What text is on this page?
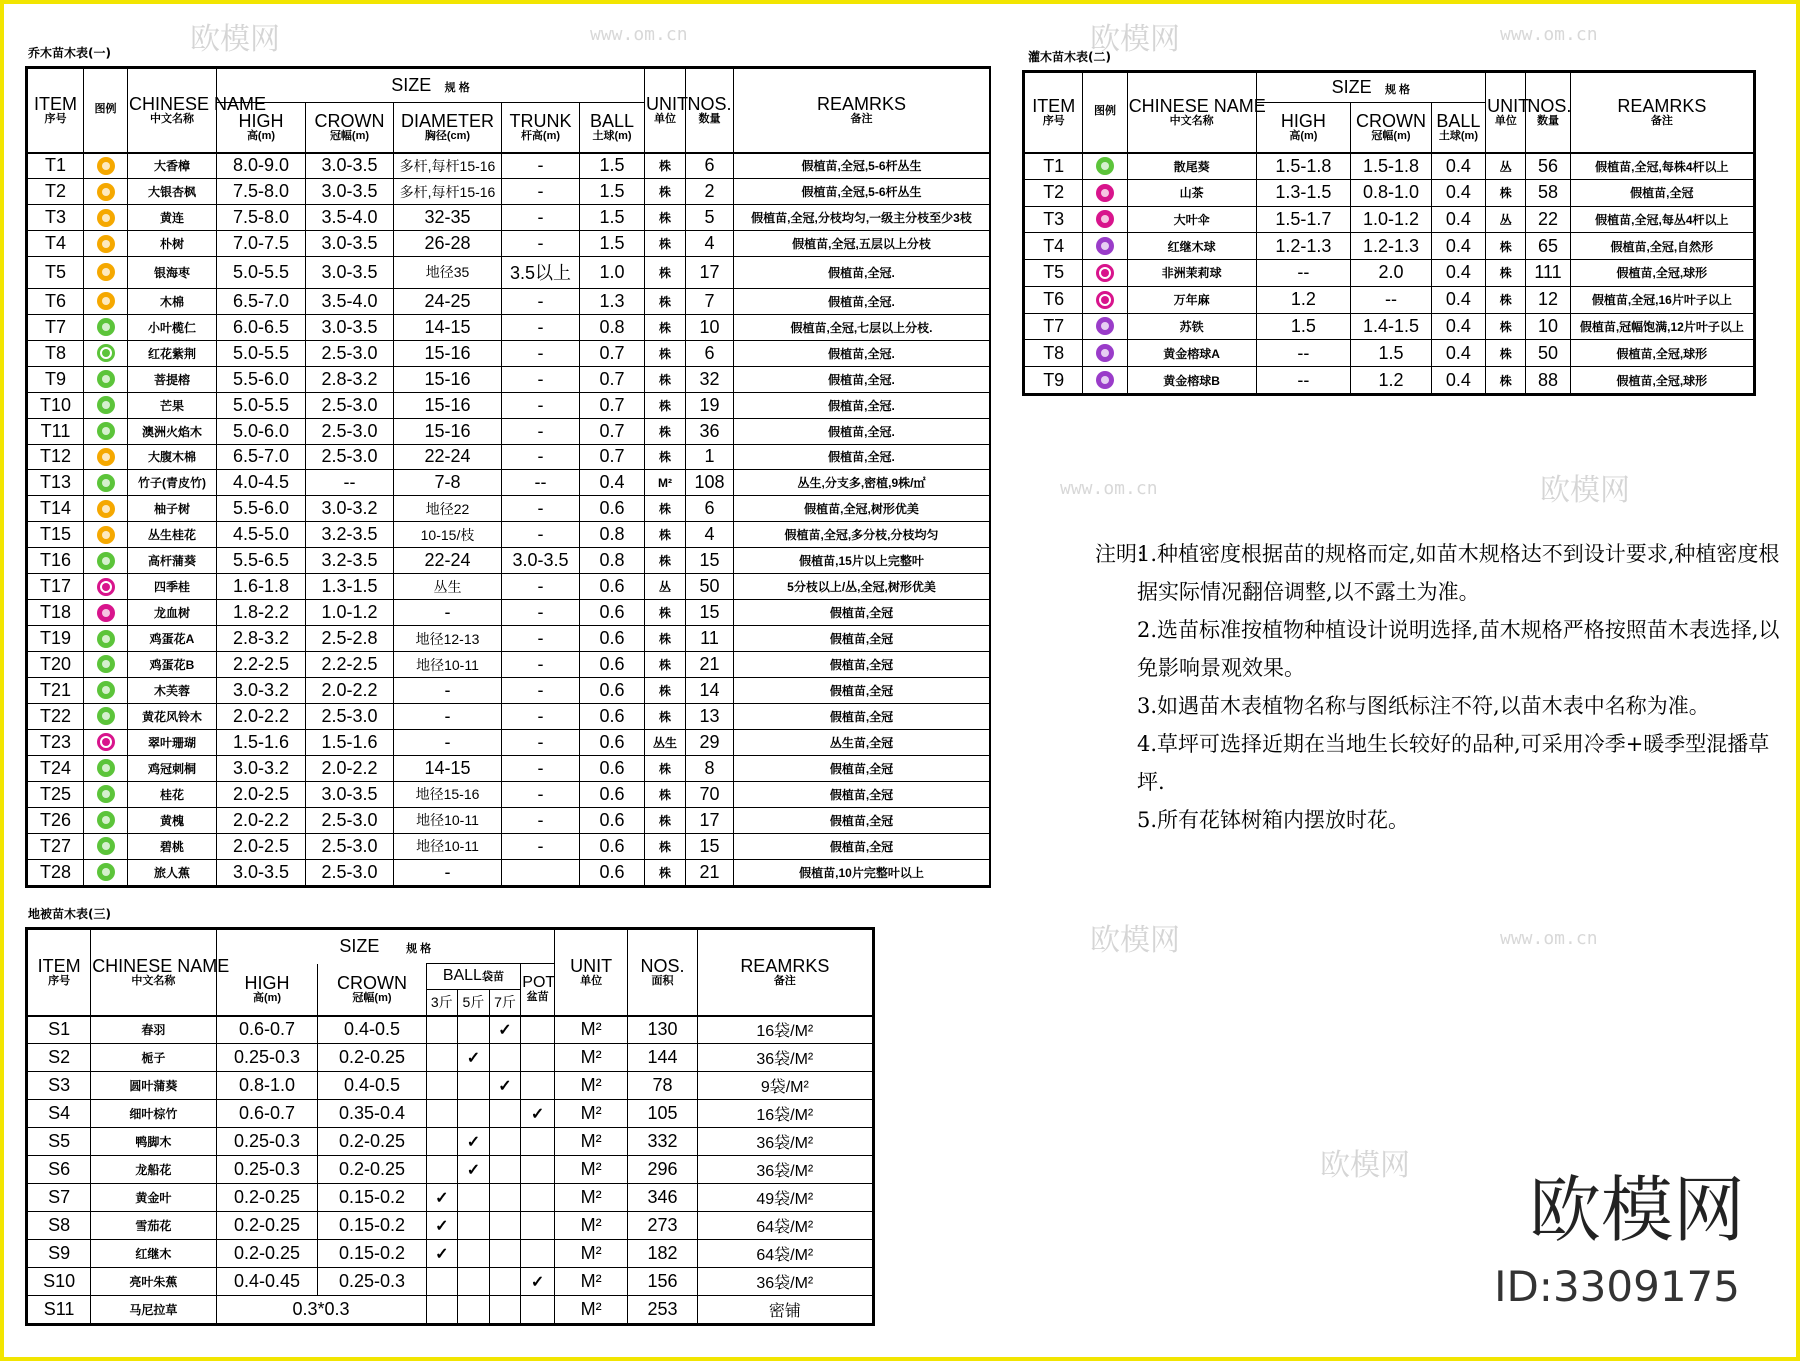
欧模网	www.om.cn	欧模网	www.om.cn
欧模网
www.om.cn
欧模网	www.om.cn
欧模网
乔木苗木表(一)
ITEM
序号	图例	CHINESE NAME
中文名称	SIZE 规 格					UNIT
单位	NOS.
数量	REAMRKS
备注

			HIGH
高(m)	CROWN
冠幅(m)	DIAMETER
胸径(cm)	TRUNK
杆高(m)	BALL
土球(m)			

T1		大香樟	8.0-9.0	3.0-3.5	多杆,每杆15-16	-	1.5	株	6	假植苗,全冠,5-6杆丛生
T2		大银杏枫	7.5-8.0	3.0-3.5	多杆,每杆15-16	-	1.5	株	2	假植苗,全冠,5-6杆丛生
T3		黄连	7.5-8.0	3.5-4.0	32-35	-	1.5	株	5	假植苗,全冠,分枝均匀,一级主分枝至少3枝
T4		朴树	7.0-7.5	3.0-3.5	26-28	-	1.5	株	4	假植苗,全冠,五层以上分枝
T5		银海枣	5.0-5.5	3.0-3.5	地径35	3.5以上	1.0	株	17	假植苗,全冠.
T6		木棉	6.5-7.0	3.5-4.0	24-25	-	1.3	株	7	假植苗,全冠.
T7		小叶榄仁	6.0-6.5	3.0-3.5	14-15	-	0.8	株	10	假植苗,全冠,七层以上分枝.
T8		红花紫荆	5.0-5.5	2.5-3.0	15-16	-	0.7	株	6	假植苗,全冠.
T9		菩提榕	5.5-6.0	2.8-3.2	15-16	-	0.7	株	32	假植苗,全冠.
T10		芒果	5.0-5.5	2.5-3.0	15-16	-	0.7	株	19	假植苗,全冠.
T11		澳洲火焰木	5.0-6.0	2.5-3.0	15-16	-	0.7	株	36	假植苗,全冠.
T12		大腹木棉	6.5-7.0	2.5-3.0	22-24	-	0.7	株	1	假植苗,全冠.
T13		竹子(青皮竹)	4.0-4.5	--	7-8	--	0.4	M²	108	丛生,分支多,密植,9株/㎡
T14		柚子树	5.5-6.0	3.0-3.2	地径22	-	0.6	株	6	假植苗,全冠,树形优美
T15		丛生桂花	4.5-5.0	3.2-3.5	10-15/枝	-	0.8	株	4	假植苗,全冠,多分枝,分枝均匀
T16		高杆蒲葵	5.5-6.5	3.2-3.5	22-24	3.0-3.5	0.8	株	15	假植苗,15片以上完整叶
T17		四季桂	1.6-1.8	1.3-1.5	丛生	-	0.6	丛	50	5分枝以上/丛,全冠,树形优美
T18		龙血树	1.8-2.2	1.0-1.2	-	-	0.6	株	15	假植苗,全冠
T19		鸡蛋花A	2.8-3.2	2.5-2.8	地径12-13	-	0.6	株	11	假植苗,全冠
T20		鸡蛋花B	2.2-2.5	2.2-2.5	地径10-11	-	0.6	株	21	假植苗,全冠
T21		木芙蓉	3.0-3.2	2.0-2.2	-	-	0.6	株	14	假植苗,全冠
T22		黄花风铃木	2.0-2.2	2.5-3.0	-	-	0.6	株	13	假植苗,全冠
T23		翠叶珊瑚	1.5-1.6	1.5-1.6	-	-	0.6	丛生	29	丛生苗,全冠
T24		鸡冠刺桐	3.0-3.2	2.0-2.2	14-15	-	0.6	株	8	假植苗,全冠
T25		桂花	2.0-2.5	3.0-3.5	地径15-16	-	0.6	株	70	假植苗,全冠
T26		黄槐	2.0-2.2	2.5-3.0	地径10-11	-	0.6	株	17	假植苗,全冠
T27		碧桃	2.0-2.5	2.5-3.0	地径10-11	-	0.6	株	15	假植苗,全冠
T28		旅人蕉	3.0-3.5	2.5-3.0	-		0.6	株	21	假植苗,10片完整叶以上
灌木苗木表(二)
ITEM
序号	图例	CHINESE NAME
中文名称	SIZE 规 格			UNIT
单位	NOS.
数量	REAMRKS
备注

			HIGH
高(m)	CROWN
冠幅(m)	BALL
土球(m)			

T1		散尾葵	1.5-1.8	1.5-1.8	0.4	丛	56	假植苗,全冠,每株4杆以上
T2		山茶	1.3-1.5	0.8-1.0	0.4	株	58	假植苗,全冠
T3		大叶伞	1.5-1.7	1.0-1.2	0.4	丛	22	假植苗,全冠,每丛4杆以上
T4		红继木球	1.2-1.3	1.2-1.3	0.4	株	65	假植苗,全冠,自然形
T5		非洲茉莉球	--	2.0	0.4	株	111	假植苗,全冠,球形
T6		万年麻	1.2	--	0.4	株	12	假植苗,全冠,16片叶子以上
T7		苏铁	1.5	1.4-1.5	0.4	株	10	假植苗,冠幅饱满,12片叶子以上
T8		黄金榕球A	--	1.5	0.4	株	50	假植苗,全冠,球形
T9		黄金榕球B	--	1.2	0.4	株	88	假植苗,全冠,球形
地被苗木表(三)
ITEM
序号	CHINESE NAME
中文名称	SIZE 规 格						UNIT
单位	NOS.
面积	REAMRKS
备注

		HIGH
高(m)	CROWN
冠幅(m)	BALL袋苗			POT
盆苗			

				3斤	5斤	7斤				
S1	春羽	0.6-0.7	0.4-0.5			✓		M²	130	16袋/M²
S2	栀子	0.25-0.3	0.2-0.25		✓			M²	144	36袋/M²
S3	圆叶蒲葵	0.8-1.0	0.4-0.5			✓		M²	78	9袋/M²
S4	细叶棕竹	0.6-0.7	0.35-0.4				✓	M²	105	16袋/M²
S5	鸭脚木	0.25-0.3	0.2-0.25		✓			M²	332	36袋/M²
S6	龙船花	0.25-0.3	0.2-0.25		✓			M²	296	36袋/M²
S7	黄金叶	0.2-0.25	0.15-0.2	✓				M²	346	49袋/M²
S8	雪茄花	0.2-0.25	0.15-0.2	✓				M²	273	64袋/M²
S9	红继木	0.2-0.25	0.15-0.2	✓				M²	182	64袋/M²
S10	亮叶朱蕉	0.4-0.45	0.25-0.3				✓	M²	156	36袋/M²
S11	马尼拉草	0.3*0.3						M²	253	密铺
注明:
1.种植密度根据苗的规格而定,如苗木规格达不到设计要求,种植密度根据实际情况翻倍调整,以不露土为准。
2.选苗标准按植物种植设计说明选择,苗木规格严格按照苗木表选择,以免影响景观效果。
3.如遇苗木表植物名称与图纸标注不符,以苗木表中名称为准。
4.草坪可选择近期在当地生长较好的品种,可采用冷季+暖季型混播草坪.
5.所有花钵树箱内摆放时花。
欧模网
ID:3309175
